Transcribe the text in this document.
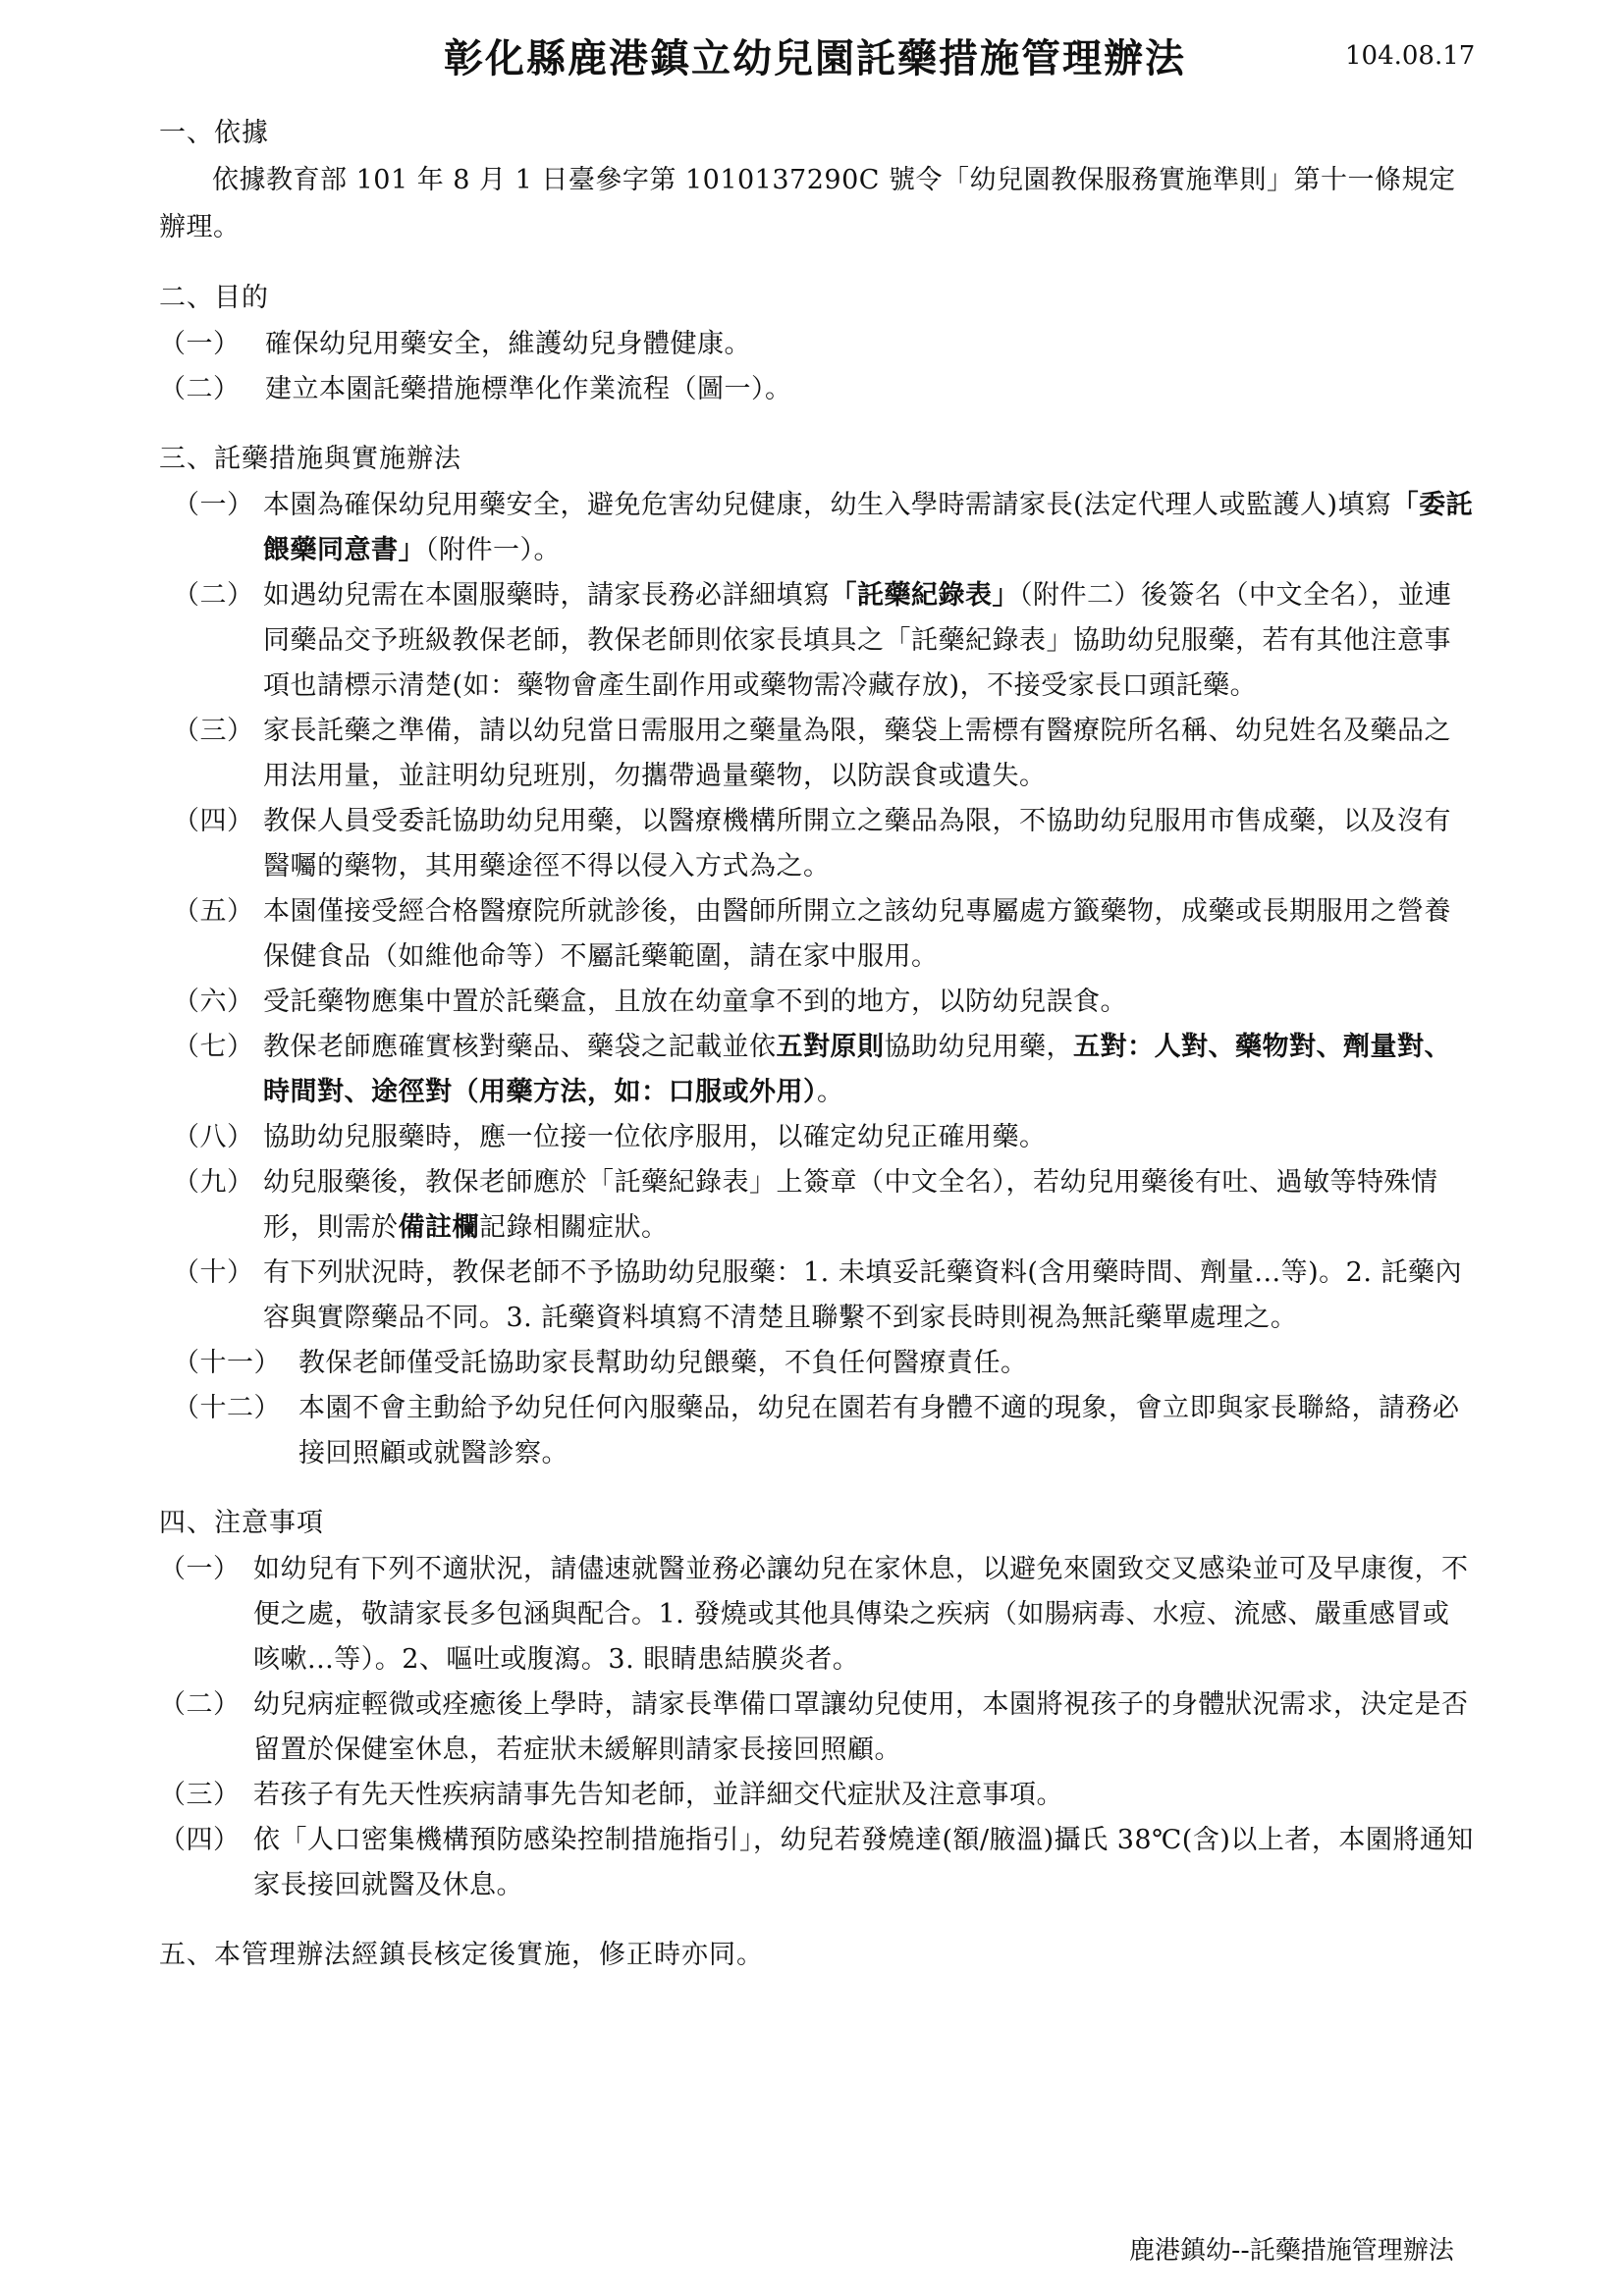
彰化縣鹿港鎮立幼兒園託藥措施管理辦法	104.08.17
一、依據
依據教育部 101 年 8 月 1 日臺參字第 1010137290C 號令「幼兒園教保服務實施準則」第十一條規定辦理。
二、目的
（一） 確保幼兒用藥安全，維護幼兒身體健康。
（二） 建立本園託藥措施標準化作業流程（圖一）。
三、託藥措施與實施辦法
（一） 本園為確保幼兒用藥安全，避免危害幼兒健康，幼生入學時需請家長(法定代理人或監護人)填寫「委託餵藥同意書」（附件一）。
（二） 如遇幼兒需在本園服藥時，請家長務必詳細填寫「託藥紀錄表」（附件二）後簽名（中文全名），並連同藥品交予班級教保老師，教保老師則依家長填具之「託藥紀錄表」協助幼兒服藥，若有其他注意事項也請標示清楚(如：藥物會產生副作用或藥物需冷藏存放)，不接受家長口頭託藥。
（三） 家長託藥之準備，請以幼兒當日需服用之藥量為限，藥袋上需標有醫療院所名稱、幼兒姓名及藥品之用法用量，並註明幼兒班別，勿攜帶過量藥物，以防誤食或遺失。
（四） 教保人員受委託協助幼兒用藥，以醫療機構所開立之藥品為限，不協助幼兒服用市售成藥，以及沒有醫囑的藥物，其用藥途徑不得以侵入方式為之。
（五） 本園僅接受經合格醫療院所就診後，由醫師所開立之該幼兒專屬處方籤藥物，成藥或長期服用之營養保健食品（如維他命等）不屬託藥範圍，請在家中服用。
（六） 受託藥物應集中置於託藥盒，且放在幼童拿不到的地方，以防幼兒誤食。
（七） 教保老師應確實核對藥品、藥袋之記載並依五對原則協助幼兒用藥，五對：人對、藥物對、劑量對、時間對、途徑對（用藥方法，如：口服或外用）。
（八） 協助幼兒服藥時，應一位接一位依序服用，以確定幼兒正確用藥。
（九） 幼兒服藥後，教保老師應於「託藥紀錄表」上簽章（中文全名），若幼兒用藥後有吐、過敏等特殊情形，則需於備註欄記錄相關症狀。
（十） 有下列狀況時，教保老師不予協助幼兒服藥：1. 未填妥託藥資料(含用藥時間、劑量...等)。2. 託藥內容與實際藥品不同。3. 託藥資料填寫不清楚且聯繫不到家長時則視為無託藥單處理之。
（十一） 教保老師僅受託協助家長幫助幼兒餵藥，不負任何醫療責任。
（十二） 本園不會主動給予幼兒任何內服藥品，幼兒在園若有身體不適的現象，會立即與家長聯絡，請務必接回照顧或就醫診察。
四、注意事項
（一） 如幼兒有下列不適狀況，請儘速就醫並務必讓幼兒在家休息，以避免來園致交叉感染並可及早康復，不便之處，敬請家長多包涵與配合。1. 發燒或其他具傳染之疾病（如腸病毒、水痘、流感、嚴重感冒或咳嗽...等）。2、嘔吐或腹瀉。3. 眼睛患結膜炎者。
（二） 幼兒病症輕微或痊癒後上學時，請家長準備口罩讓幼兒使用，本園將視孩子的身體狀況需求，決定是否留置於保健室休息，若症狀未緩解則請家長接回照顧。
（三） 若孩子有先天性疾病請事先告知老師，並詳細交代症狀及注意事項。
（四） 依「人口密集機構預防感染控制措施指引」，幼兒若發燒達(額/腋溫)攝氏 38℃(含)以上者，本園將通知家長接回就醫及休息。
五、本管理辦法經鎮長核定後實施，修正時亦同。
鹿港鎮幼--託藥措施管理辦法
